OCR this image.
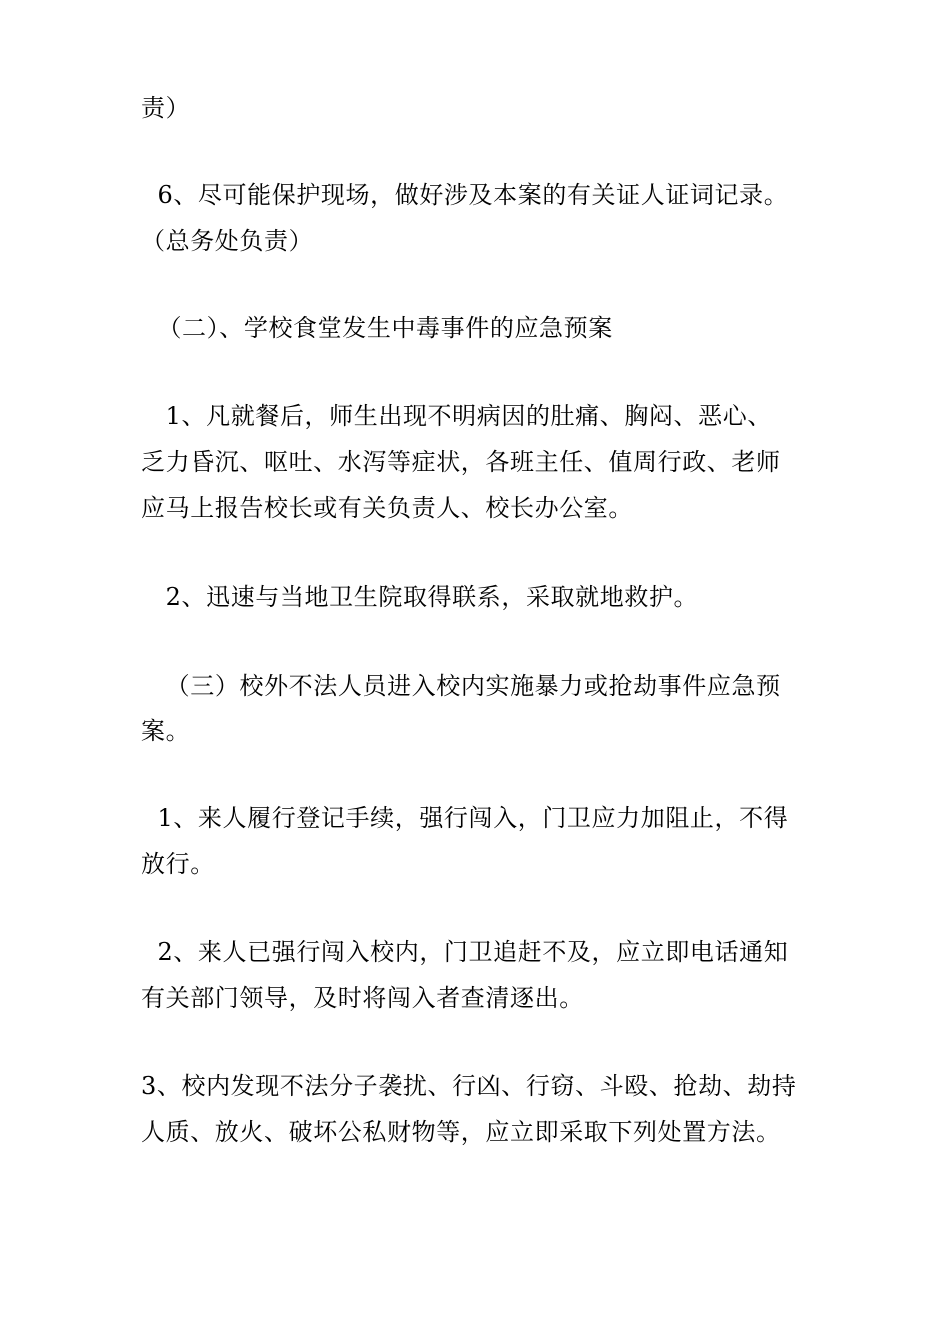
责）
6、尽可能保护现场，做好涉及本案的有关证人证词记录。
（总务处负责）
（二）、学校食堂发生中毒事件的应急预案
1、凡就餐后，师生出现不明病因的肚痛、胸闷、恶心、
乏力昏沉、呕吐、水泻等症状，各班主任、值周行政、老师
应马上报告校长或有关负责人、校长办公室。
2、迅速与当地卫生院取得联系，采取就地救护。
（三）校外不法人员进入校内实施暴力或抢劫事件应急预
案。
1、来人履行登记手续，强行闯入，门卫应力加阻止，不得
放行。
2、来人已强行闯入校内，门卫追赶不及，应立即电话通知
有关部门领导，及时将闯入者查清逐出。
3、校内发现不法分子袭扰、行凶、行窃、斗殴、抢劫、劫持
人质、放火、破坏公私财物等，应立即采取下列处置方法。
